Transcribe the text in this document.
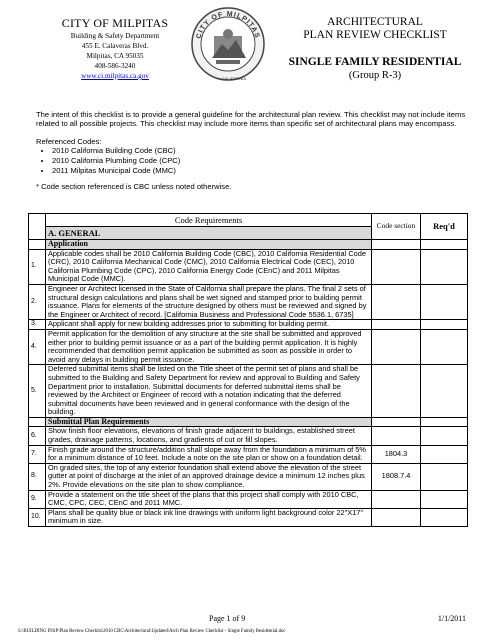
CITY OF MILPITAS
Building & Safety Department
455 E. Calaveras Blvd.
Milpitas, CA 95035
408-586-3240
www.ci.milpitas.ca.gov
CITY OF MILPITAS
CALIFORNIA
ARCHITECTURAL
PLAN REVIEW CHECKLIST
SINGLE FAMILY RESIDENTIAL
(Group R-3)

The intent of this checklist is to provide a general guideline for the architectural plan review. This checklist may not include items related to all possible projects. This checklist may include more items than specific set of architectural plans may encompass.

Referenced Codes:
• 2010 California Building Code (CBC)
• 2010 California Plumbing Code (CPC)
• 2011 Milpitas Municipal Code (MMC)
* Code section referenced is CBC unless noted otherwise.
	Code Requirements	Code section	Req'd
	A. GENERAL		
	Application		
1.	Applicable codes shall be 2010 California Building Code (CBC), 2010 California Residential Code (CRC), 2010 California Mechanical Code (CMC), 2010 California Electrical Code (CEC), 2010 California Plumbing Code (CPC), 2010 California Energy Code (CEnC) and 2011 Milpitas Municipal Code (MMC).		
2.	Engineer or Architect licensed in the State of California shall prepare the plans. The final 2 sets of structural design calculations and plans shall be wet signed and stamped prior to building permit issuance. Plans for elements of the structure designed by others must be reviewed and signed by the Engineer or Architect of record. [California Business and Professional Code 5536.1, 6735]		
3.	Applicant shall apply for new building addresses prior to submitting for building permit.		
4.	Permit application for the demolition of any structure at the site shall be submitted and approved either prior to building permit issuance or as a part of the building permit application. It is highly recommended that demolition permit application be submitted as soon as possible in order to avoid any delays in building permit issuance.		
5.	Deferred submittal items shall be listed on the Title sheet of the permit set of plans and shall be submitted to the Building and Safety Department for review and approval to Building and Safety Department prior to installation. Submittal documents for deferred submittal items shall be reviewed by the Architect or Engineer of record with a notation indicating that the deferred submittal documents have been reviewed and in general conformance with the design of the building.		
	Submittal Plan Requirements		
6.	Show finish floor elevations, elevations of finish grade adjacent to buildings, established street grades, drainage patterns, locations, and gradients of cut or fill slopes.		
7.	Finish grade around the structure/addition shall slope away from the foundation a minimum of 5% for a minimum distance of 10 feet. Include a note on the site plan or show on a foundation detail.	1804.3	
8.	On graded sites, the top of any exterior foundation shall extend above the elevation of the street gutter at point of discharge at the inlet of an approved drainage device a minimum 12 inches plus 2%. Provide elevations on the site plan to show compliance.	1808.7.4	
9.	Provide a statement on the title sheet of the plans that this project shall comply with 2010 CBC, CMC, CPC, CEC, CEnC and 2011 MMC.		
10.	Plans shall be quality blue or black ink line drawings with uniform light background color 22"X17" minimum in size.		
Page 1 of 9	1/1/2011
S:\BUILDING INSP\Plan Review Checklst\2010 CBC\Architectural\Updated\Arch Plan Review Checklist - Single Family Residential.doc
